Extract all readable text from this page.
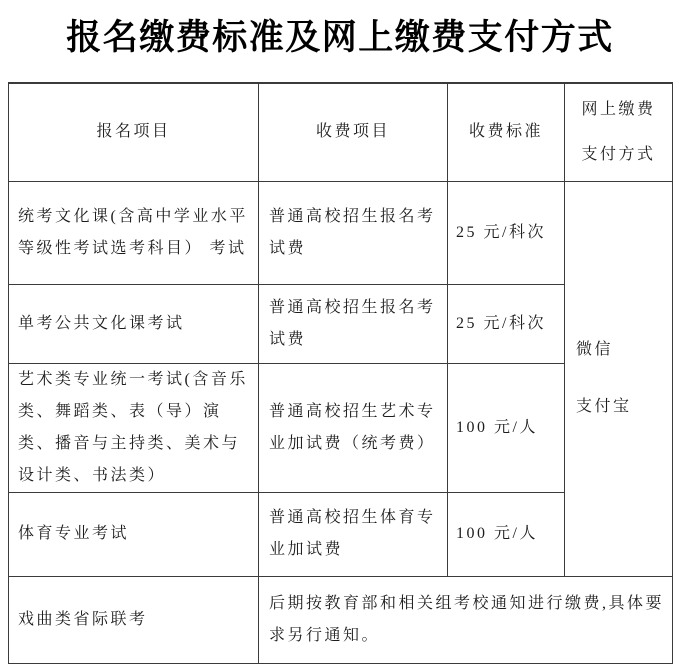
报名缴费标准及网上缴费支付方式
报名项目	收费项目	收费标准	网上缴费
支付方式

统考文化课(含高中学业水平等级性考试选考科目） 考试	普通高校招生报名考试费	25 元/科次	微信
支付宝

单考公共文化课考试	普通高校招生报名考试费	25 元/科次	
艺术类专业统一考试(含音乐类、舞蹈类、表（导）演类、播音与主持类、美术与设计类、书法类）	普通高校招生艺术专业加试费（统考费）	100 元/人	
体育专业考试	普通高校招生体育专业加试费	100 元/人	
戏曲类省际联考	后期按教育部和相关组考校通知进行缴费,具体要求另行通知。		
